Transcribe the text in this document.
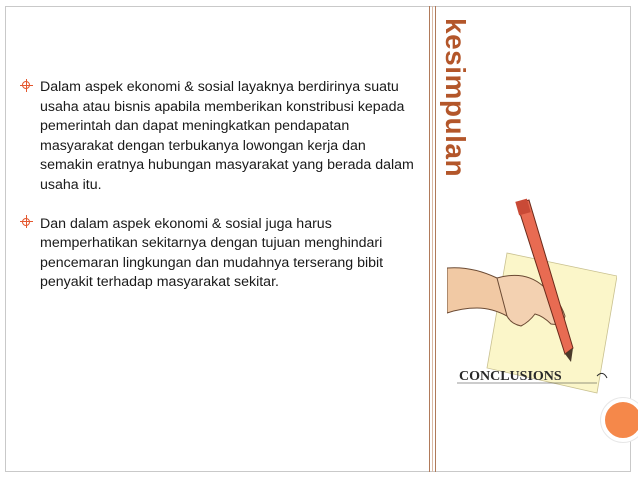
Dalam aspek ekonomi & sosial layaknya berdirinya suatu usaha atau bisnis apabila memberikan konstribusi kepada pemerintah dan dapat meningkatkan pendapatan masyarakat dengan terbukanya lowongan kerja dan semakin eratnya hubungan masyarakat yang berada dalam usaha itu.
Dan dalam aspek ekonomi & sosial juga harus memperhatikan sekitarnya dengan tujuan menghindari pencemaran lingkungan dan mudahnya terserang bibit penyakit terhadap masyarakat sekitar.
kesimpulan
CONCLUSIONS
